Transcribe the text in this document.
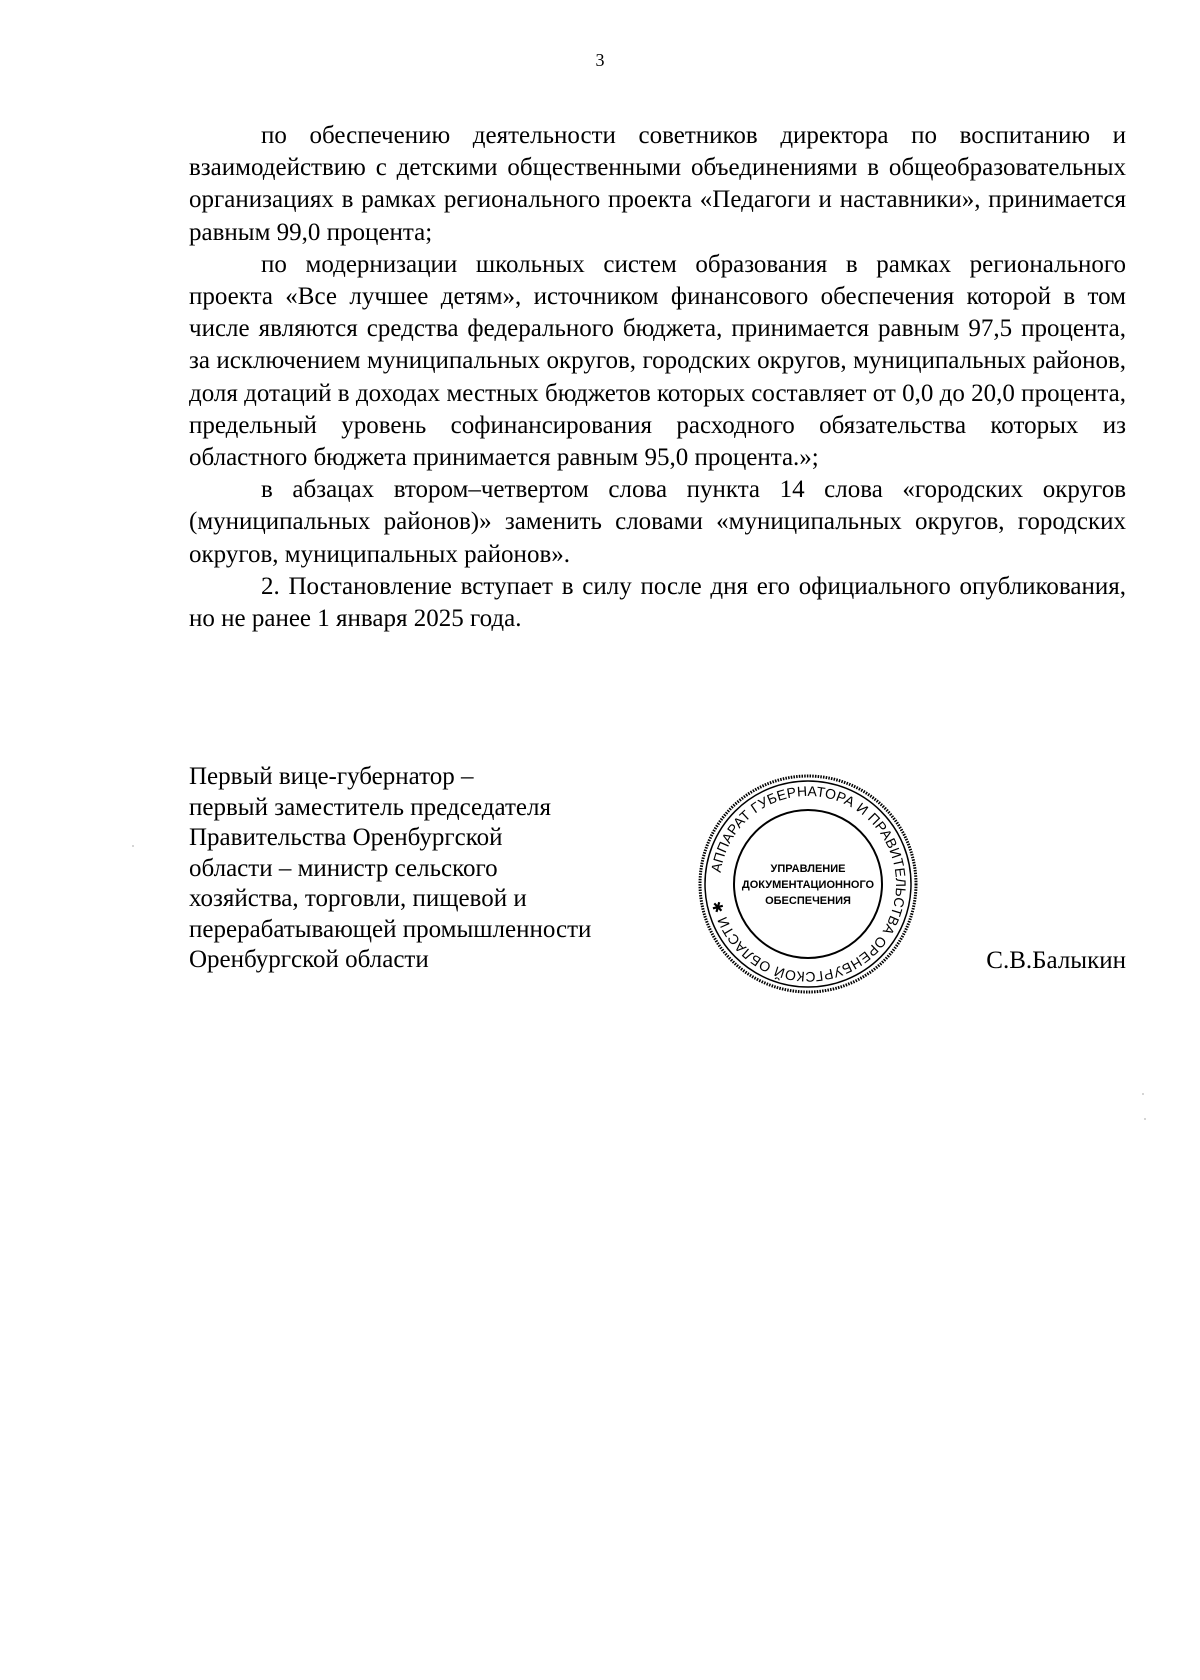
3

по обеспечению деятельности советников директора по воспитанию и взаимодействию с детскими общественными объединениями в общеобразовательных организациях в рамках регионального проекта «Педагоги и наставники», принимается равным 99,0 процента;

по модернизации школьных систем образования в рамках регионального проекта «Все лучшее детям», источником финансового обеспечения которой в том числе являются средства федерального бюджета, принимается равным 97,5 процента, за исключением муниципальных округов, городских округов, муниципальных районов, доля дотаций в доходах местных бюджетов которых составляет от 0,0 до 20,0 процента, предельный уровень софинансирования расходного обязательства которых из областного бюджета принимается равным 95,0 процента.»;

в абзацах втором–четвертом слова пункта 14 слова «городских округов (муниципальных районов)» заменить словами «муниципальных округов, городских округов, муниципальных районов».

2. Постановление вступает в силу после дня его официального опубликования, но не ранее 1 января 2025 года.

Первый вице-губернатор –
первый заместитель председателя
Правительства Оренбургской
области – министр сельского
хозяйства, торговли, пищевой и
перерабатывающей промышленности
Оренбургской области	С.В.Балыкин
АППАРАТ ГУБЕРНАТОРА И ПРАВИТЕЛЬСТВА ОРЕНБУРГСКОЙ ОБЛАСТИ ✱
УПРАВЛЕНИЕ
ДОКУМЕНТАЦИОННОГО
ОБЕСПЕЧЕНИЯ
